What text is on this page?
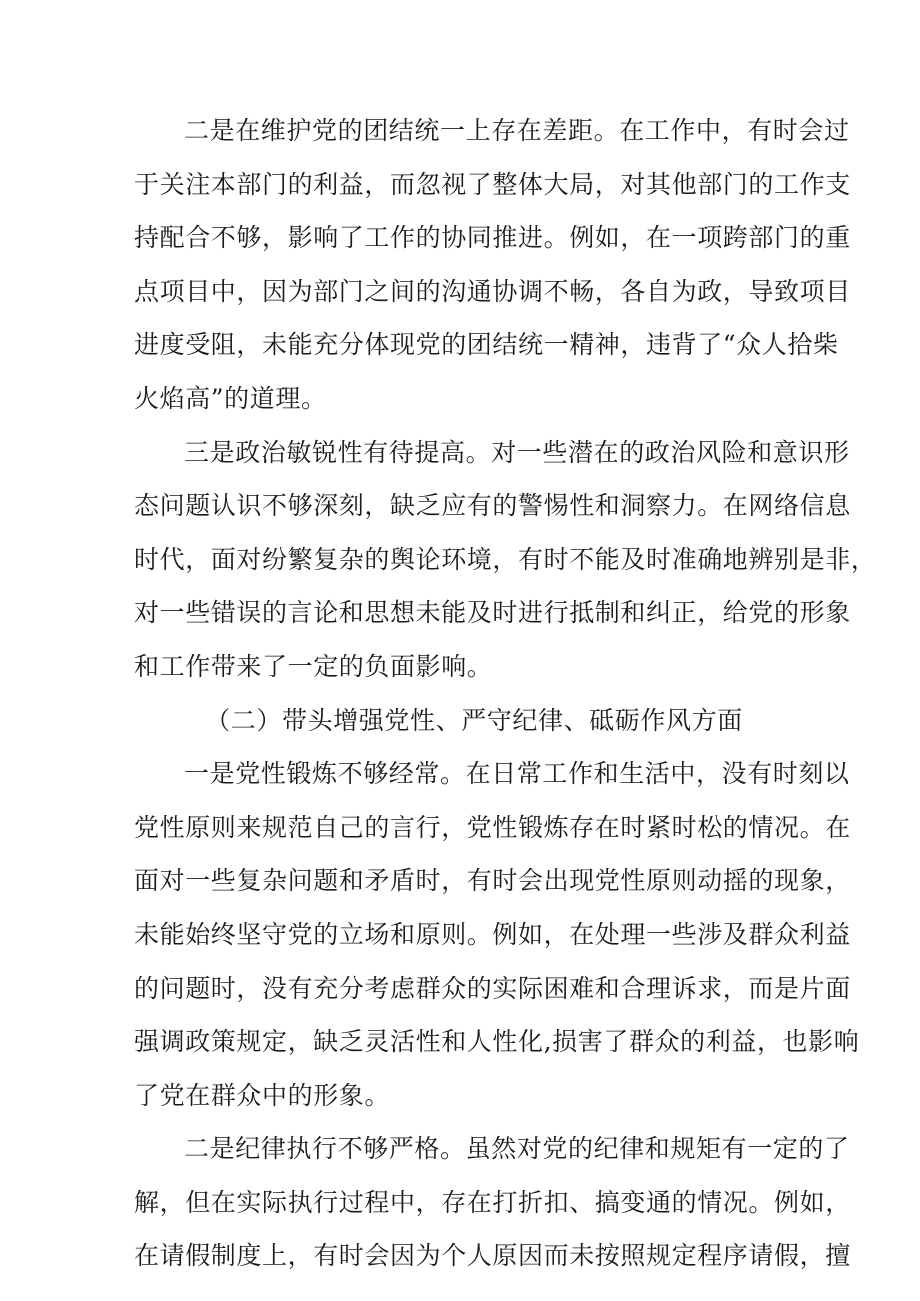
二是在维护党的团结统一上存在差距。在工作中，有时会过
于关注本部门的利益，而忽视了整体大局，对其他部门的工作支
持配合不够，影响了工作的协同推进。例如，在一项跨部门的重
点项目中，因为部门之间的沟通协调不畅，各自为政，导致项目
进度受阻，未能充分体现党的团结统一精神，违背了“众人拾柴
火焰高”的道理。

三是政治敏锐性有待提高。对一些潜在的政治风险和意识形
态问题认识不够深刻，缺乏应有的警惕性和洞察力。在网络信息
时代，面对纷繁复杂的舆论环境，有时不能及时准确地辨别是非，
对一些错误的言论和思想未能及时进行抵制和纠正，给党的形象
和工作带来了一定的负面影响。

（二）带头增强党性、严守纪律、砥砺作风方面

一是党性锻炼不够经常。在日常工作和生活中，没有时刻以
党性原则来规范自己的言行，党性锻炼存在时紧时松的情况。在
面对一些复杂问题和矛盾时，有时会出现党性原则动摇的现象，
未能始终坚守党的立场和原则。例如，在处理一些涉及群众利益
的问题时，没有充分考虑群众的实际困难和合理诉求，而是片面
强调政策规定，缺乏灵活性和人性化,损害了群众的利益，也影响
了党在群众中的形象。

二是纪律执行不够严格。虽然对党的纪律和规矩有一定的了
解，但在实际执行过程中，存在打折扣、搞变通的情况。例如，
在请假制度上，有时会因为个人原因而未按照规定程序请假，擅
